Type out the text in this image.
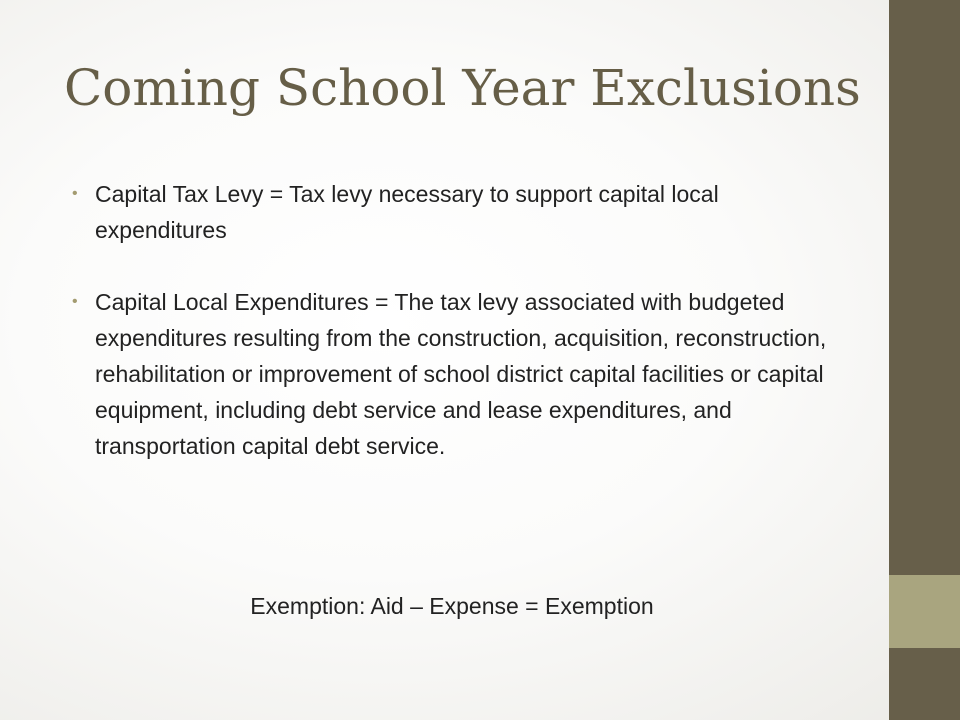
Coming School Year Exclusions
• Capital Tax Levy = Tax levy necessary to support capital local expenditures
• Capital Local Expenditures = The tax levy associated with budgeted expenditures resulting from the construction, acquisition, reconstruction, rehabilitation or improvement of school district capital facilities or capital equipment, including debt service and lease expenditures, and transportation capital debt service.

Exemption: Aid – Expense = Exemption
